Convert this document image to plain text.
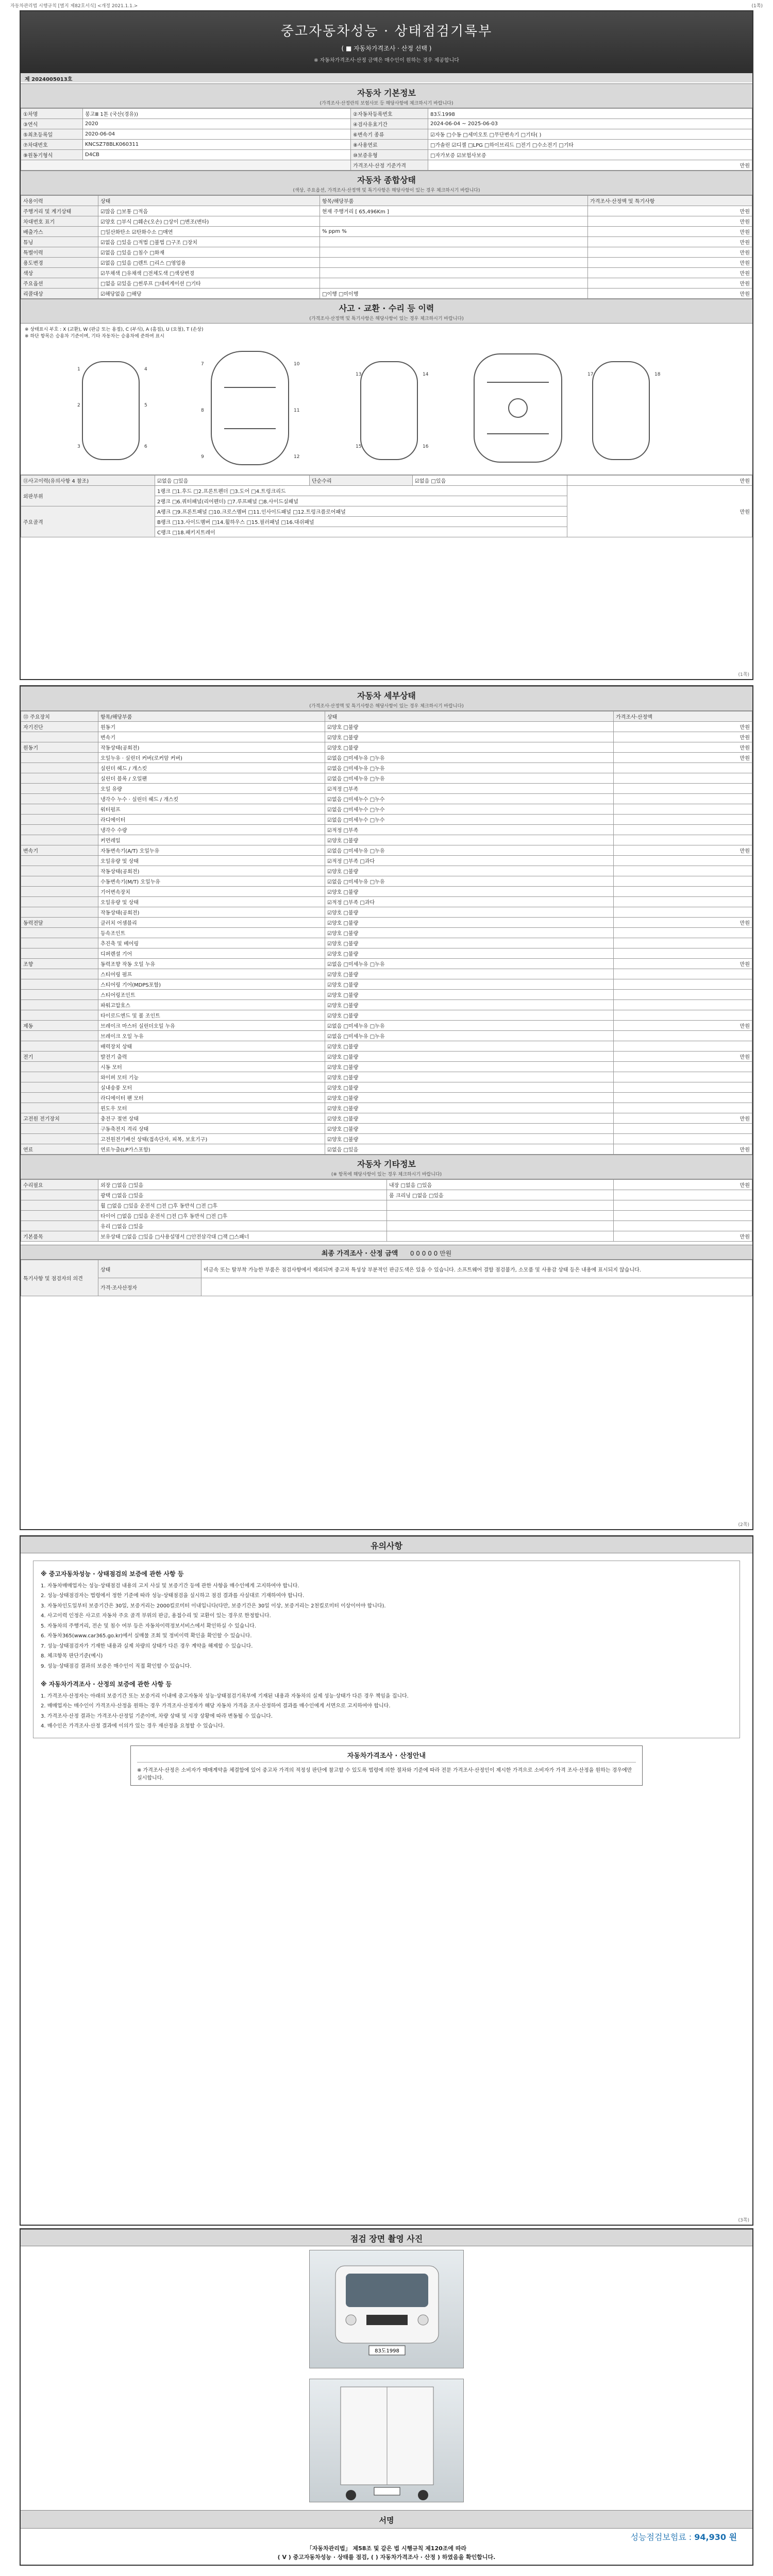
자동차관리법 시행규칙 [별지 제82호서식] <개정 2021.1.1.>	(1쪽)
중고자동차성능 · 상태점검기록부
( ■ 자동차가격조사 · 산정 선택 )
※ 자동차가격조사·산정 금액은 매수인이 원하는 경우 제공합니다
제 2024005013호
자동차 기본정보
(가격조사·산정란의 보험사보 등 해당사항에 체크하시기 바랍니다)
①차명	봉고Ⅲ 1톤 (국산(경유))	②자동차등록번호	83도1998
③연식	2020	④검사유효기간	2024-06-04 ~ 2025-06-03
⑤최초등록일	2020-06-04	⑥변속기 종류	☑자동 □수동 □세미오토 □무단변속기 □기타( )
⑦차대번호	KNCSZ78BLK060311	⑧사용연료	□가솔린 ☑디젤 □LPG □하이브리드 □전기 □수소전기 □기타
⑨원동기형식	D4CB	⑩보증유형	□자가보증 ☑보험사보증
		가격조사·산정 기준가격	만원
자동차 종합상태
(색상, 주요옵션, 가격조사·산정액 및 특기사항은 해당사항이 있는 경우 체크하시기 바랍니다)
사용이력	상태	항목/해당부품	가격조사·산정액 및 특기사항
주행거리 및 계기상태	☑많음 □보통 □적음	현재 주행거리 [ 65,496Km ]	만원
차대번호 표기	☑양호 □부식 □훼손(오손) □상이 □변조(변타)		만원
배출가스	□일산화탄소 ☑탄화수소 □매연	% ppm %	만원
튜닝	☑없음 □있음 □적법 □불법 □구조 □장치		만원
특별이력	☑없음 □있음 □침수 □화재		만원
용도변경	☑없음 □있음 □렌트 □리스 □영업용		만원
색상	☑무채색 □유채색 □전체도색 □색상변경		만원
주요옵션	□없음 ☑있음 □썬루프 □네비게이션 □기타		만원
리콜대상	☑해당없음 □해당	□이행 □미이행	만원
사고 · 교환 · 수리 등 이력
(가격조사·산정액 및 특기사항은 해당사항이 있는 경우 체크하시기 바랍니다)
※ 상태표시 부호 : X (교환), W (판금 또는 용접), C (부식), A (흠집), U (요철), T (손상)
※ 하단 항목은 승용차 기준이며, 기타 자동차는 승용차에 준하여 표시
1
2
3
4
5
6
7
8
9
10
11
12
13	14
15	16
17	18
⑪사고이력(유의사항 4 참조)	☑없음 □있음	단순수리	☑없음 □있음	만원
외판부위	1랭크 □1.후드 □2.프론트펜더 □3.도어 □4.트렁크리드			만원
	2랭크 □6.쿼터패널(리어펜더) □7.루프패널 □8.사이드실패널			
주요골격	A랭크 □9.프론트패널 □10.크로스멤버 □11.인사이드패널 □12.트렁크플로어패널			
	B랭크 □13.사이드멤버 □14.휠하우스 □15.필러패널 □16.대쉬패널			
	C랭크 □18.패키지트레이			
(1쪽)
자동차 세부상태
(가격조사·산정액 및 특기사항은 해당사항이 있는 경우 체크하시기 바랍니다)
⑬ 주요장치	항목/해당부품	상태	가격조사·산정액
자기진단	원동기	☑양호 □불량	만원
	변속기	☑양호 □불량	만원
원동기	작동상태(공회전)	☑양호 □불량	만원
	오일누유 · 실린더 커버(로커암 커버)	☑없음 □미세누유 □누유	만원
	실린더 헤드 / 개스킷	☑없음 □미세누유 □누유	
	실린더 블록 / 오일팬	☑없음 □미세누유 □누유	
	오일 유량	☑적정 □부족	
	냉각수 누수 · 실린더 헤드 / 개스킷	☑없음 □미세누수 □누수	
	워터펌프	☑없음 □미세누수 □누수	
	라디에이터	☑없음 □미세누수 □누수	
	냉각수 수량	☑적정 □부족	
	커먼레일	☑양호 □불량	
변속기	자동변속기(A/T) 오일누유	☑없음 □미세누유 □누유	만원
	오일유량 및 상태	☑적정 □부족 □과다	
	작동상태(공회전)	☑양호 □불량	
	수동변속기(M/T) 오일누유	☑없음 □미세누유 □누유	
	기어변속장치	☑양호 □불량	
	오일유량 및 상태	☑적정 □부족 □과다	
	작동상태(공회전)	☑양호 □불량	
동력전달	클러치 어셈블리	☑양호 □불량	만원
	등속조인트	☑양호 □불량	
	추진축 및 베어링	☑양호 □불량	
	디퍼렌셜 기어	☑양호 □불량	
조향	동력조향 작동 오일 누유	☑없음 □미세누유 □누유	만원
	스티어링 펌프	☑양호 □불량	
	스티어링 기어(MDPS포함)	☑양호 □불량	
	스티어링조인트	☑양호 □불량	
	파워고압호스	☑양호 □불량	
	타이로드엔드 및 볼 조인트	☑양호 □불량	
제동	브레이크 마스터 실린더오일 누유	☑없음 □미세누유 □누유	만원
	브레이크 오일 누유	☑없음 □미세누유 □누유	
	배력장치 상태	☑양호 □불량	
전기	발전기 출력	☑양호 □불량	만원
	시동 모터	☑양호 □불량	
	와이퍼 모터 기능	☑양호 □불량	
	실내송풍 모터	☑양호 □불량	
	라디에이터 팬 모터	☑양호 □불량	
	윈도우 모터	☑양호 □불량	
고전원 전기장치	충전구 절연 상태	☑양호 □불량	만원
	구동축전지 격리 상태	☑양호 □불량	
	고전원전기배선 상태(접속단자, 피복, 보호기구)	☑양호 □불량	
연료	연료누출(LP가스포함)	☑없음 □있음	만원
자동차 기타정보
(※ 항목에 해당사항이 있는 경우 체크하시기 바랍니다)
수리필요	외장 □없음 □있음	내장 □없음 □있음	만원
	광택 □없음 □있음	룸 크리닝 □없음 □있음	
	휠 □없음 □있음 운전석 □전 □후 동반석 □전 □후		
	타이어 □없음 □있음 운전석 □전 □후 동반석 □전 □후		
	유리 □없음 □있음		
기본품목	보유상태 □없음 □있음 □사용설명서 □안전삼각대 □잭 □스패너		만원
최종 가격조사 · 산정 금액 0 0 0 0 0 만원
특기사항 및 점검자의 의견	상태	비금속 또는 탈부착 가능한 부품은 점검사항에서 제외되며 중고차 특성상 부분적인 판금도색은 있을 수 있습니다. 소프트웨어 결함 점검불가, 소모품 및 사용감 상태 등은 내용에 표시되지 않습니다.
	가격·조사산정자	
(2쪽)
유의사항
※ 중고자동차성능 · 상태점검의 보증에 관한 사항 등

1. 자동차매매업자는 성능·상태점검 내용의 고지 사실 및 보증기간 등에 관한 사항을 매수인에게 고지하여야 합니다.

2. 성능·상태점검자는 법령에서 정한 기준에 따라 성능·상태점검을 실시하고 점검 결과를 사실대로 기재하여야 합니다.

3. 자동차인도일부터 보증기간은 30일, 보증거리는 2000킬로미터 이내입니다(다만, 보증기간은 30일 이상, 보증거리는 2천킬로미터 이상이어야 합니다).

4. 사고이력 인정은 사고로 자동차 주요 골격 부위의 판금, 용접수리 및 교환이 있는 경우로 한정합니다.

5. 자동차의 주행거리, 전손 및 침수 여부 등은 자동차이력정보서비스에서 확인하실 수 있습니다.

6. 자동차365(www.car365.go.kr)에서 실매물 조회 및 정비이력 확인을 확인할 수 있습니다.

7. 성능·상태점검자가 기재한 내용과 실제 차량의 상태가 다른 경우 계약을 해제할 수 있습니다.

8. 체크항목 판단기준(예시)

9. 성능·상태점검 결과의 보증은 매수인이 직접 확인할 수 있습니다.

※ 자동차가격조사 · 산정의 보증에 관한 사항 등

1. 가격조사·산정자는 아래의 보증기간 또는 보증거리 이내에 중고자동차 성능·상태점검기록부에 기재된 내용과 자동차의 실제 성능·상태가 다른 경우 책임을 집니다.

2. 매매업자는 매수인이 가격조사·산정을 원하는 경우 가격조사·산정자가 해당 자동차 가격을 조사·산정하여 결과를 매수인에게 서면으로 고지하여야 합니다.

3. 가격조사·산정 결과는 가격조사·산정일 기준이며, 차량 상태 및 시장 상황에 따라 변동될 수 있습니다.

4. 매수인은 가격조사·산정 결과에 이의가 있는 경우 재산정을 요청할 수 있습니다.

자동차가격조사 · 산정안내
※ 가격조사·산정은 소비자가 매매계약을 체결함에 있어 중고차 가격의 적정성 판단에 참고할 수 있도록 법령에 의한 절차와 기준에 따라 전문 가격조사·산정인이 제시한 가격으로 소비자가 가격 조사·산정을 원하는 경우에만 실시합니다.
(3쪽)
점검 장면 촬영 사진
83도1998
서명
성능점검보험료 : 94,930 원
「자동차관리법」 제58조 및 같은 법 시행규칙 제120조에 따라
( V ) 중고자동차성능 · 상태를 점검, ( ) 자동차가격조사 · 산정 ) 하였음을 확인합니다.
